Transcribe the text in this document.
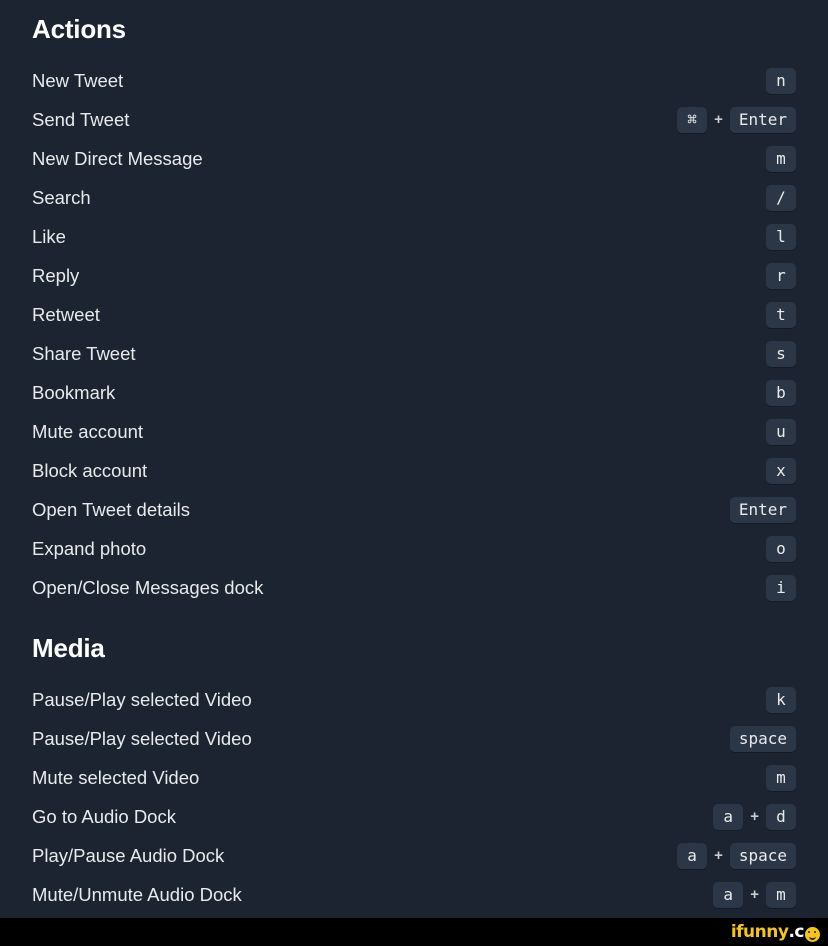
Actions
New Tweet	n
Send Tweet	⌘	+	Enter
New Direct Message	m
Search	/
Like	l
Reply	r
Retweet	t
Share Tweet	s
Bookmark	b
Mute account	u
Block account	x
Open Tweet details	Enter
Expand photo	o
Open/Close Messages dock	i
Media
Pause/Play selected Video	k
Pause/Play selected Video	space
Mute selected Video	m
Go to Audio Dock	a	+	d
Play/Pause Audio Dock	a	+	space
Mute/Unmute Audio Dock	a	+	m
ifunny .c
